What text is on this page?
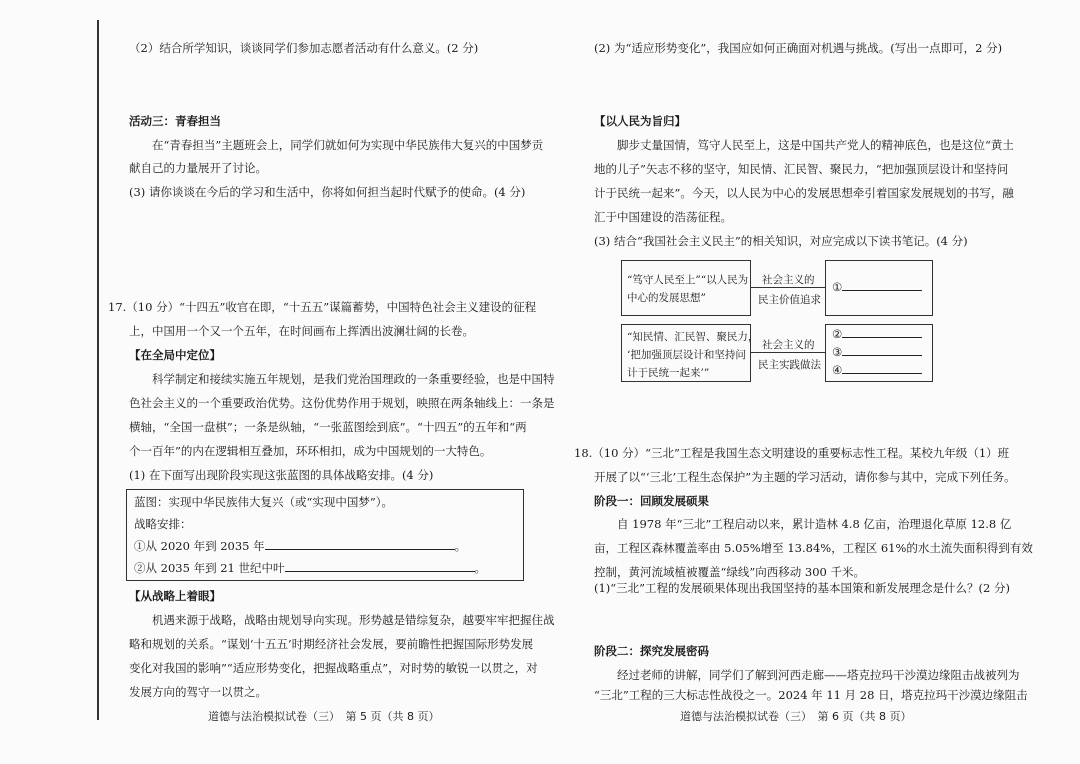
（2）结合所学知识，谈谈同学们参加志愿者活动有什么意义。(2 分)
活动三：青春担当
在“青春担当”主题班会上，同学们就如何为实现中华民族伟大复兴的中国梦贡
献自己的力量展开了讨论。
(3) 请你谈谈在今后的学习和生活中，你将如何担当起时代赋予的使命。(4 分)
17.（10 分）“十四五”收官在即，“十五五”谋篇蓄势，中国特色社会主义建设的征程
上，中国用一个又一个五年，在时间画布上挥洒出波澜壮阔的长卷。
【在全局中定位】
科学制定和接续实施五年规划，是我们党治国理政的一条重要经验，也是中国特
色社会主义的一个重要政治优势。这份优势作用于规划，映照在两条轴线上：一条是
横轴，“全国一盘棋”；一条是纵轴，“一张蓝图绘到底”。“十四五”的五年和“两
个一百年”的内在逻辑相互叠加，环环相扣，成为中国规划的一大特色。
(1) 在下面写出现阶段实现这张蓝图的具体战略安排。(4 分)
蓝图：实现中华民族伟大复兴（或“实现中国梦”）。
战略安排：
①从 2020 年到 2035 年	。
②从 2035 年到 21 世纪中叶	。
【从战略上着眼】
机遇来源于战略，战略由规划导向实现。形势越是错综复杂，越要牢牢把握住战
略和规划的关系。“谋划‘十五五’时期经济社会发展，要前瞻性把握国际形势发展
变化对我国的影响”“适应形势变化，把握战略重点”，对时势的敏锐一以贯之，对
发展方向的驾守一以贯之。
道德与法治模拟试卷（三）　第 5 页（共 8 页）
(2) 为“适应形势变化”，我国应如何正确面对机遇与挑战。(写出一点即可，2 分)
【以人民为旨归】
脚步丈量国情，笃守人民至上，这是中国共产党人的精神底色，也是这位“黄土
地的儿子”矢志不移的坚守，知民情、汇民智、聚民力，“把加强顶层设计和坚持问
计于民统一起来”。今天，以人民为中心的发展思想牵引着国家发展规划的书写，融
汇于中国建设的浩荡征程。
(3) 结合“我国社会主义民主”的相关知识，对应完成以下读书笔记。(4 分)
“笃守人民至上”“以人民为
中心的发展思想”
社会主义的
民主价值追求
①
“知民情、汇民智、聚民力，
‘把加强顶层设计和坚持问
计于民统一起来’”
社会主义的
民主实践做法
②
③
④
18.（10 分）“三北”工程是我国生态文明建设的重要标志性工程。某校九年级（1）班
开展了以“‘三北’工程生态保护”为主题的学习活动，请你参与其中，完成下列任务。
阶段一：回顾发展硕果
自 1978 年“三北”工程启动以来，累计造林 4.8 亿亩，治理退化草原 12.8 亿
亩，工程区森林覆盖率由 5.05%增至 13.84%，工程区 61%的水土流失面积得到有效
控制，黄河流域植被覆盖“绿线”向西移动 300 千米。
(1)“三北”工程的发展硕果体现出我国坚持的基本国策和新发展理念是什么？(2 分)
阶段二：探究发展密码
经过老师的讲解，同学们了解到河西走廊——塔克拉玛干沙漠边缘阻击战被列为
“三北”工程的三大标志性战役之一。2024 年 11 月 28 日，塔克拉玛干沙漠边缘阻击
道德与法治模拟试卷（三）　第 6 页（共 8 页）
